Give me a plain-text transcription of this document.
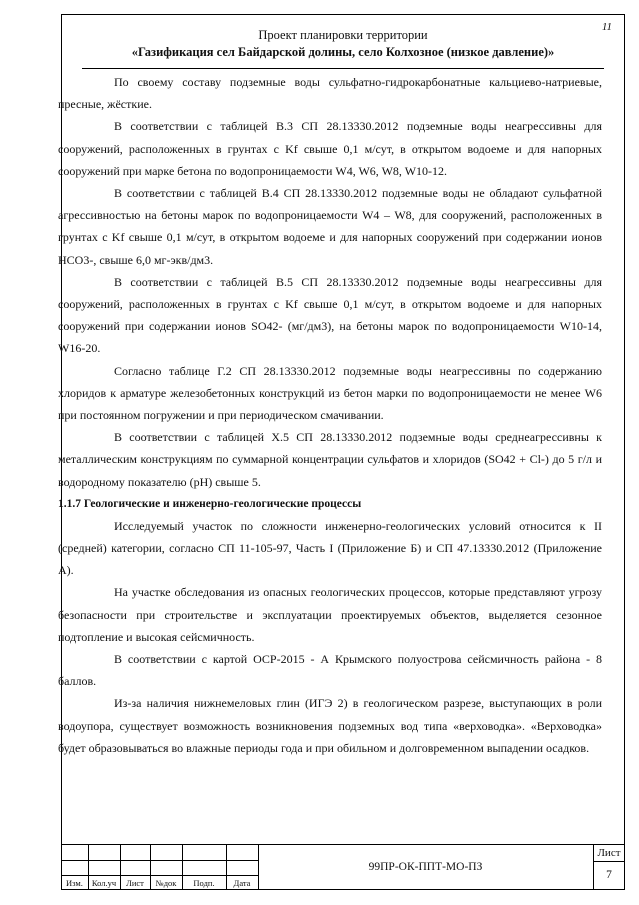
11
Проект планировки территории
«Газификация сел Байдарской долины, село Колхозное (низкое давление)»

По своему составу подземные воды сульфатно-гидрокарбонатные кальциево-натриевые, пресные, жёсткие.

В соответствии с таблицей В.3 СП 28.13330.2012 подземные воды неагрессивны для сооружений, расположенных в грунтах с Kf свыше 0,1 м/сут, в открытом водоеме и для напорных сооружений при марке бетона по водопроницаемости W4, W6, W8, W10-12.

В соответствии с таблицей В.4 СП 28.13330.2012 подземные воды не обладают сульфатной агрессивностью на бетоны марок по водопроницаемости W4 – W8, для сооружений, расположенных в грунтах с Kf свыше 0,1 м/сут, в открытом водоеме и для напорных сооружений при содержании ионов НСО3-, свыше 6,0 мг-экв/дм3.

В соответствии с таблицей В.5 СП 28.13330.2012 подземные воды неагрессивны для сооружений, расположенных в грунтах с Kf свыше 0,1 м/сут, в открытом водоеме и для напорных сооружений при содержании ионов SO42- (мг/дм3), на бетоны марок по водопроницаемости W10-14, W16-20.

Согласно таблице Г.2 СП 28.13330.2012 подземные воды неагрессивны по содержанию хлоридов к арматуре железобетонных конструкций из бетон марки по водопроницаемости не менее W6 при постоянном погружении и при периодическом смачивании.

В соответствии с таблицей Х.5 СП 28.13330.2012 подземные воды среднеагрессивны к металлическим конструкциям по суммарной концентрации сульфатов и хлоридов (SO42 + Cl-) до 5 г/л и водородному показателю (pH) свыше 5.

1.1.7 Геологические и инженерно-геологические процессы

Исследуемый участок по сложности инженерно-геологических условий относится к II (средней) категории, согласно СП 11-105-97, Часть I (Приложение Б) и СП 47.13330.2012 (Приложение А).

На участке обследования из опасных геологических процессов, которые представляют угрозу безопасности при строительстве и эксплуатации проектируемых объектов, выделяется сезонное подтопление и высокая сейсмичность.

В соответствии с картой ОСР-2015 - А Крымского полуострова сейсмичность района - 8 баллов.

Из-за наличия нижнемеловых глин (ИГЭ 2) в геологическом разрезе, выступающих в роли водоупора, существует возможность возникновения подземных вод типа «верховодка». «Верховодка» будет образовываться во влажные периоды года и при обильном и долговременном выпадении осадков.

Изм.	Кол.уч	Лист	№док	Подп.	Дата
99ПР-ОК-ППТ-МО-ПЗ
Лист
7
